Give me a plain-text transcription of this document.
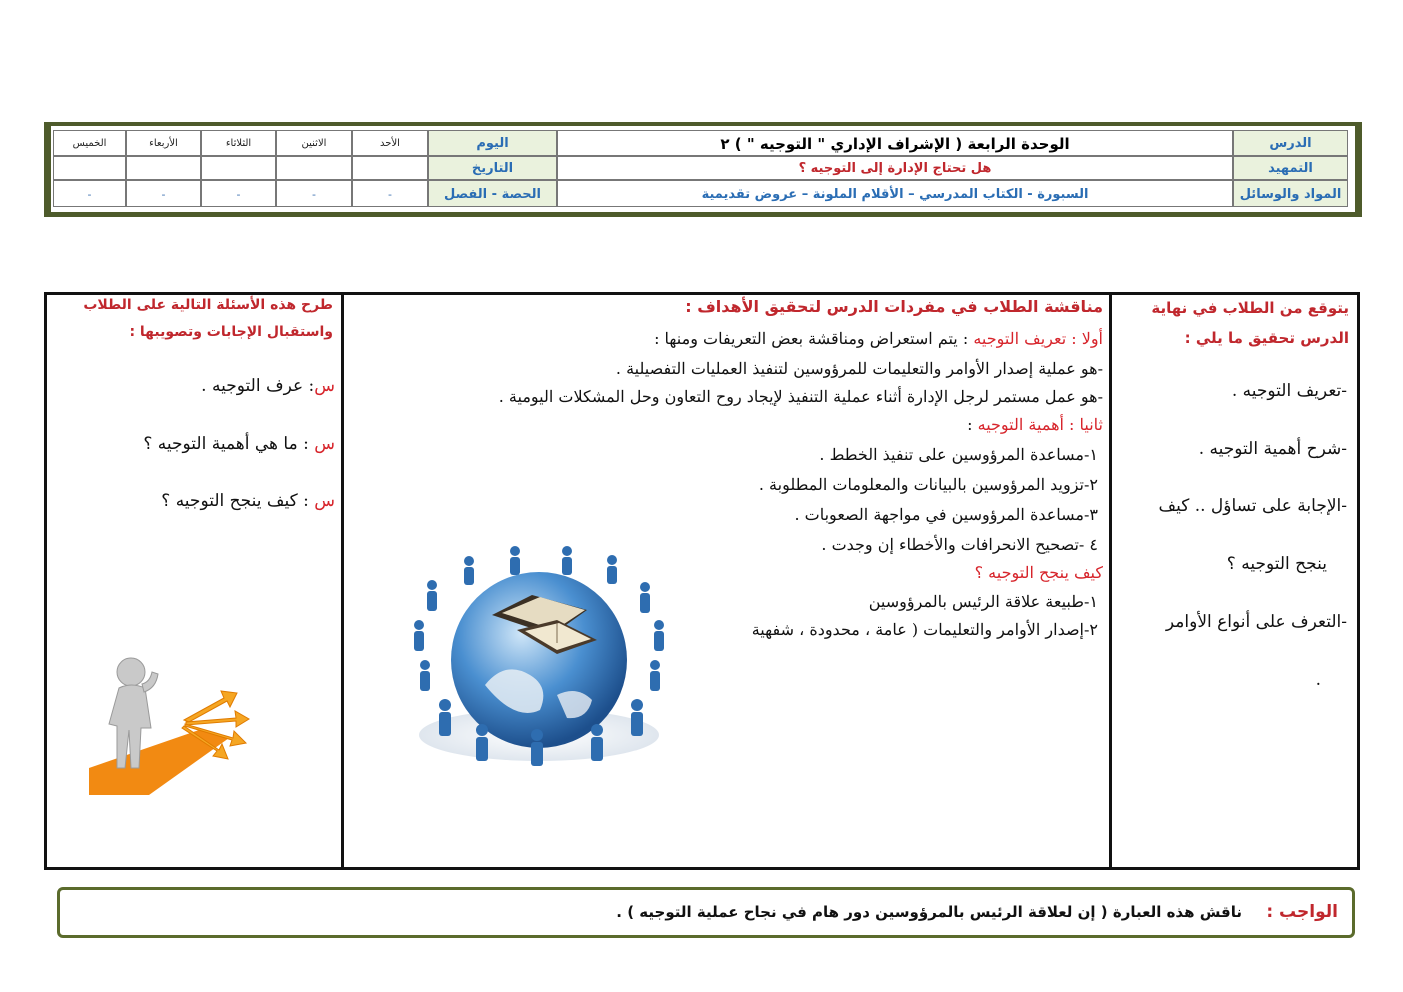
الدرس
الوحدة الرابعة ( الإشراف الإداري " التوجيه " ) ٢
اليوم
الأحد
الاثنين
الثلاثاء
الأربعاء
الخميس
التمهيد
هل تحتاج الإدارة إلى التوجيه ؟
التاريخ
المواد والوسائل
السبورة - الكتاب المدرسي – الأقلام الملونة – عروض تقديمية
الحصة - الفصل
-
-
-
-
-
يتوقع من الطلاب في نهاية
الدرس تحقيق ما يلي :
-تعريف التوجيه .
-شرح أهمية التوجيه .
-الإجابة على تساؤل .. كيف
ينجح التوجيه ؟
-التعرف على أنواع الأوامر
.
مناقشة الطلاب في مفردات الدرس لتحقيق الأهداف :
أولا : تعريف التوجيه : يتم استعراض ومناقشة بعض التعريفات ومنها :
-هو عملية إصدار الأوامر والتعليمات للمرؤوسين لتنفيذ العمليات التفصيلية .
-هو عمل مستمر لرجل الإدارة أثناء عملية التنفيذ لإيجاد روح التعاون وحل المشكلات اليومية .
ثانيا : أهمية التوجيه :
١-مساعدة المرؤوسين على تنفيذ الخطط .
٢-تزويد المرؤوسين بالبيانات والمعلومات المطلوبة .
٣-مساعدة المرؤوسين في مواجهة الصعوبات .
٤ -تصحيح الانحرافات والأخطاء إن وجدت .
كيف ينجح التوجيه ؟
١-طبيعة علاقة الرئيس بالمرؤوسين
٢-إصدار الأوامر والتعليمات ( عامة ، محدودة ، شفهية
طرح هذه الأسئلة التالية على الطلاب
واستقبال الإجابات وتصويبها :
س: عرف التوجيه .
س : ما هي أهمية التوجيه ؟
س : كيف ينجح التوجيه ؟
الواجب :
ناقش هذه العبارة ( إن لعلاقة الرئيس بالمرؤوسين دور هام في نجاح عملية التوجيه ) .
